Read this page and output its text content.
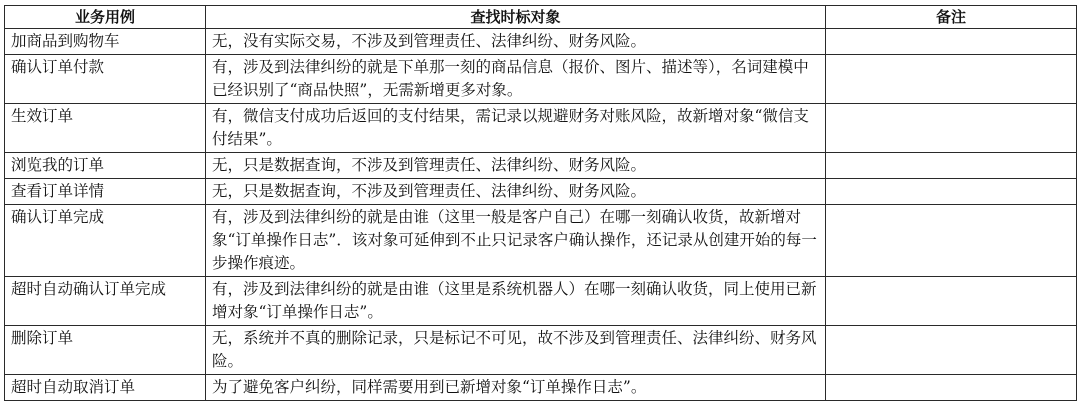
业务用例	查找时标对象	备注
加商品到购物车	无，没有实际交易，不涉及到管理责任、法律纠纷、财务风险。	
确认订单付款	有，涉及到法律纠纷的就是下单那一刻的商品信息（报价、图片、描述等），名词建模中已经识别了“商品快照”，无需新增更多对象。	
生效订单	有，微信支付成功后返回的支付结果，需记录以规避财务对账风险，故新增对象“微信支付结果”。	
浏览我的订单	无，只是数据查询，不涉及到管理责任、法律纠纷、财务风险。	
查看订单详情	无，只是数据查询，不涉及到管理责任、法律纠纷、财务风险。	
确认订单完成	有，涉及到法律纠纷的就是由谁（这里一般是客户自己）在哪一刻确认收货，故新增对象“订单操作日志”．该对象可延伸到不止只记录客户确认操作，还记录从创建开始的每一步操作痕迹。	
超时自动确认订单完成	有，涉及到法律纠纷的就是由谁（这里是系统机器人）在哪一刻确认收货，同上使用已新增对象“订单操作日志”。	
删除订单	无，系统并不真的删除记录，只是标记不可见，故不涉及到管理责任、法律纠纷、财务风险。	
超时自动取消订单	为了避免客户纠纷，同样需要用到已新增对象“订单操作日志”。	
